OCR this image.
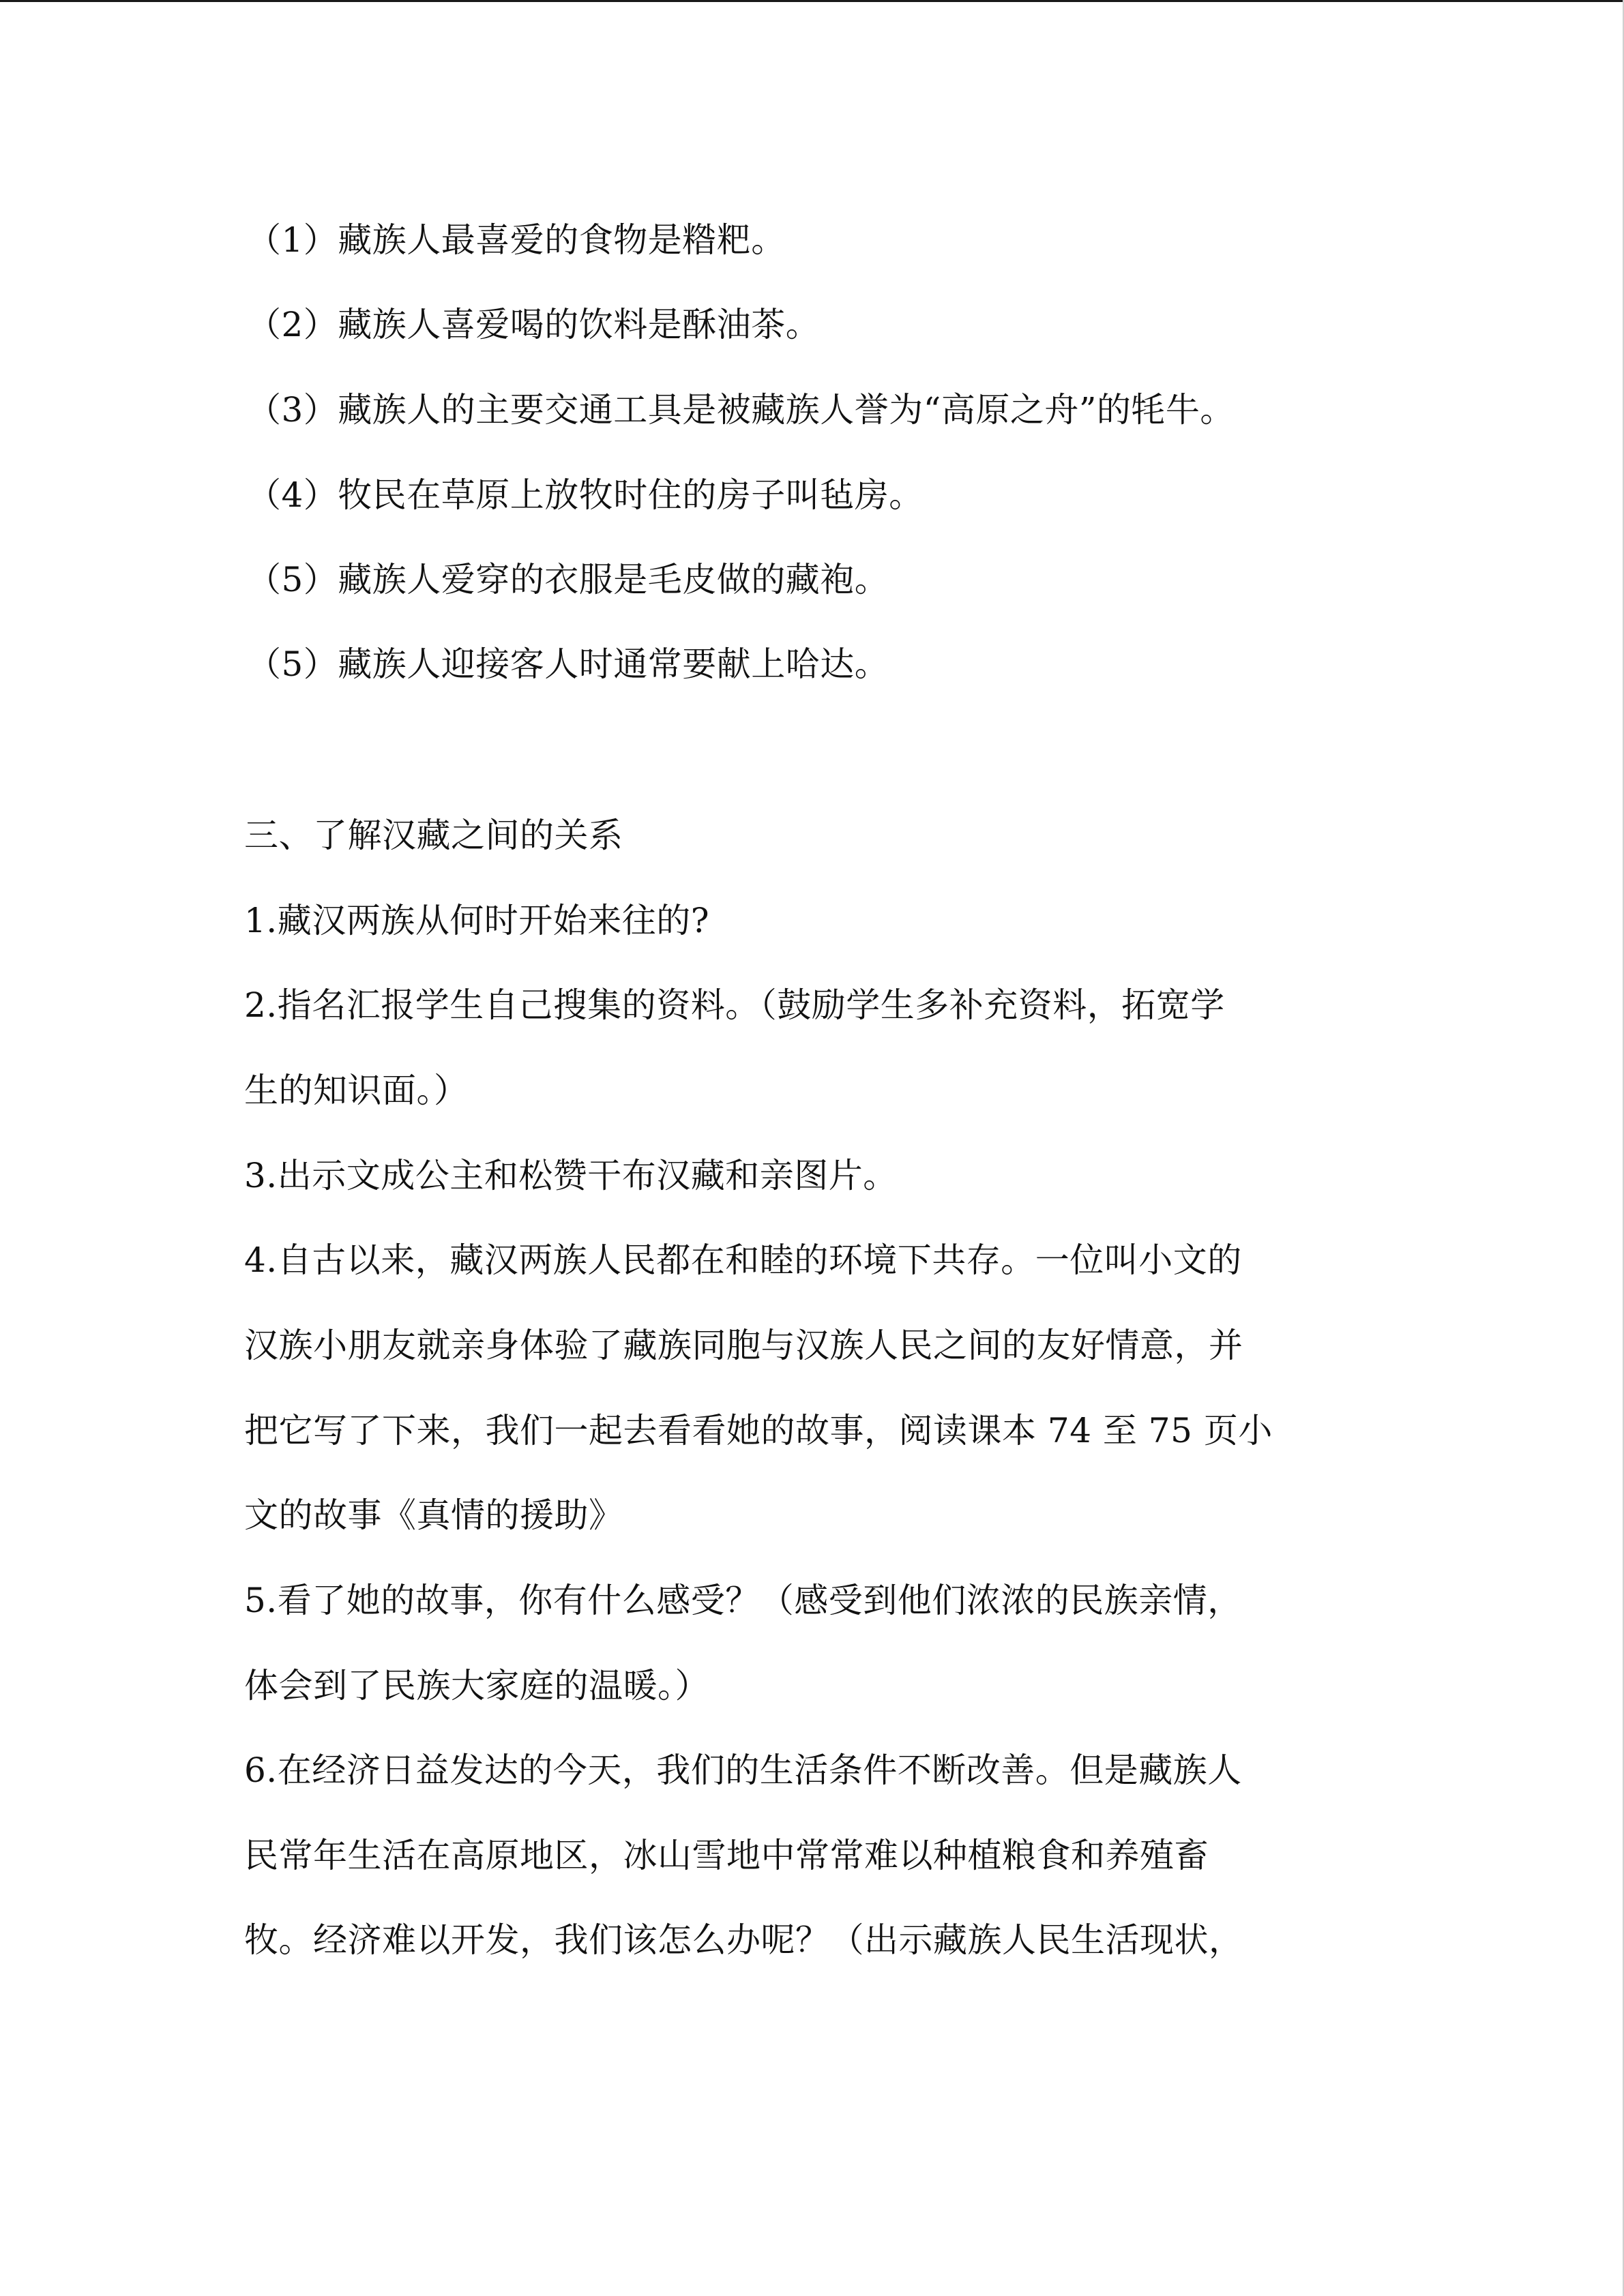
（1）藏族人最喜爱的食物是糌粑。
（2）藏族人喜爱喝的饮料是酥油茶。
（3）藏族人的主要交通工具是被藏族人誉为“高原之舟”的牦牛。
（4）牧民在草原上放牧时住的房子叫毡房。
（5）藏族人爱穿的衣服是毛皮做的藏袍。
（5）藏族人迎接客人时通常要献上哈达。
三、了解汉藏之间的关系
1.藏汉两族从何时开始来往的?
2.指名汇报学生自己搜集的资料。（鼓励学生多补充资料，拓宽学
生的知识面。）
3.出示文成公主和松赞干布汉藏和亲图片。
4.自古以来，藏汉两族人民都在和睦的环境下共存。一位叫小文的
汉族小朋友就亲身体验了藏族同胞与汉族人民之间的友好情意，并
把它写了下来，我们一起去看看她的故事，阅读课本 74 至 75 页小
文的故事《真情的援助》
5.看了她的故事，你有什么感受？（感受到他们浓浓的民族亲情，
体会到了民族大家庭的温暖。）
6.在经济日益发达的今天，我们的生活条件不断改善。但是藏族人
民常年生活在高原地区，冰山雪地中常常难以种植粮食和养殖畜
牧。经济难以开发，我们该怎么办呢？（出示藏族人民生活现状，
